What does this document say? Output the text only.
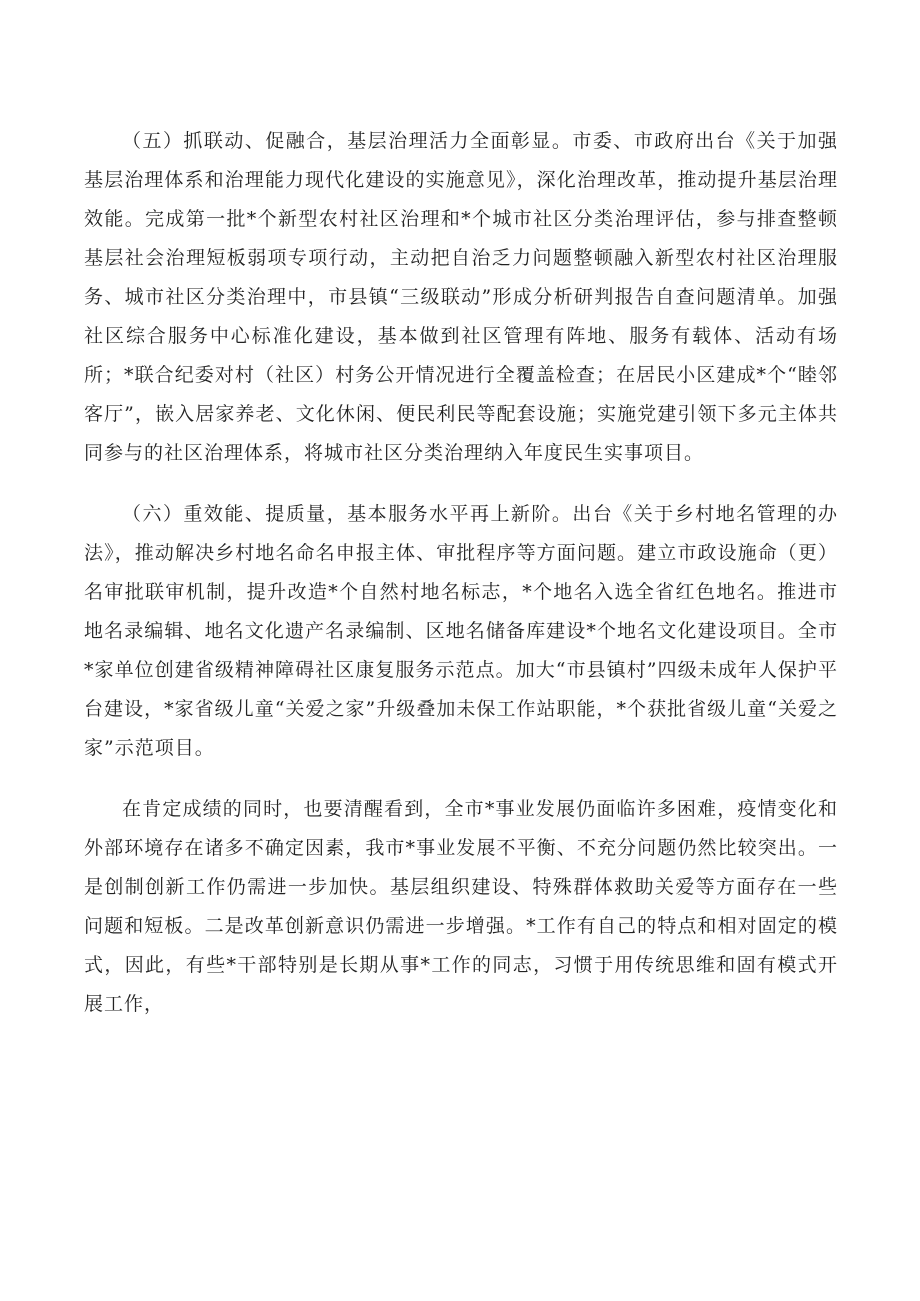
（五）抓联动、促融合，基层治理活力全面彰显。市委、市政府出台《关于加强基层治理体系和治理能力现代化建设的实施意见》，深化治理改革，推动提升基层治理效能。完成第一批*个新型农村社区治理和*个城市社区分类治理评估，参与排查整顿基层社会治理短板弱项专项行动，主动把自治乏力问题整顿融入新型农村社区治理服务、城市社区分类治理中，市县镇“三级联动”形成分析研判报告自查问题清单。加强社区综合服务中心标准化建设，基本做到社区管理有阵地、服务有载体、活动有场所；*联合纪委对村（社区）村务公开情况进行全覆盖检查；在居民小区建成*个“睦邻客厅”，嵌入居家养老、文化休闲、便民利民等配套设施；实施党建引领下多元主体共同参与的社区治理体系，将城市社区分类治理纳入年度民生实事项目。

（六）重效能、提质量，基本服务水平再上新阶。出台《关于乡村地名管理的办法》，推动解决乡村地名命名申报主体、审批程序等方面问题。建立市政设施命（更）名审批联审机制，提升改造*个自然村地名标志，*个地名入选全省红色地名。推进市地名录编辑、地名文化遗产名录编制、区地名储备库建设*个地名文化建设项目。全市*家单位创建省级精神障碍社区康复服务示范点。加大“市县镇村”四级未成年人保护平台建设，*家省级儿童“关爱之家”升级叠加未保工作站职能，*个获批省级儿童“关爱之家”示范项目。

在肯定成绩的同时，也要清醒看到，全市*事业发展仍面临许多困难，疫情变化和外部环境存在诸多不确定因素，我市*事业发展不平衡、不充分问题仍然比较突出。一是创制创新工作仍需进一步加快。基层组织建设、特殊群体救助关爱等方面存在一些问题和短板。二是改革创新意识仍需进一步增强。*工作有自己的特点和相对固定的模式，因此，有些*干部特别是长期从事*工作的同志，习惯于用传统思维和固有模式开展工作，
